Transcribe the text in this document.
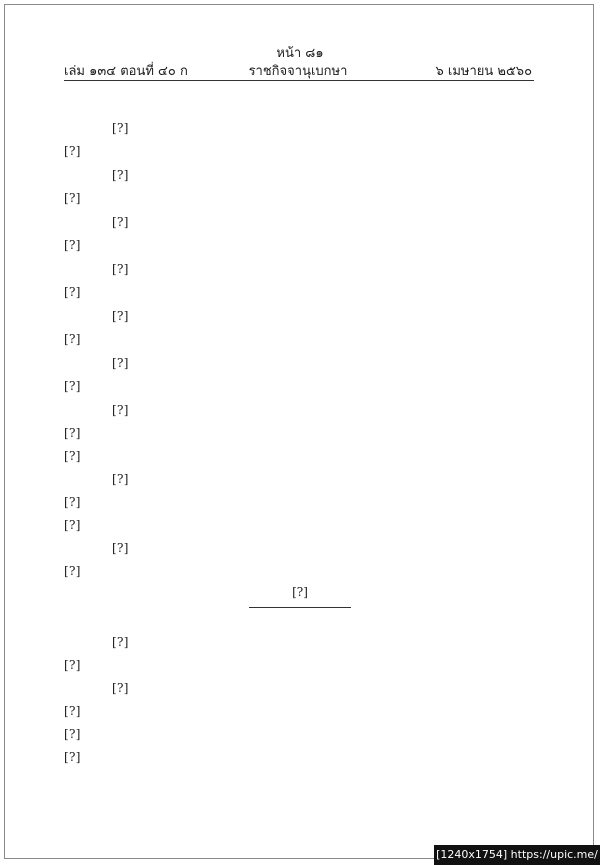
หน้า ๘๑
เล่ม ๑๓๔ ตอนที่ ๔๐ ก	ราชกิจจานุเบกษา	๖ เมษายน ๒๕๖๐
[?]
[?]
[?]
[?]
[?]
[?]
[?]
[?]
[?]
[?]
[?]
[?]
[?]
[?]
[?]
[?]
[?]
[?]
[?]
[?]
[?]
[?]
[?]
[?]
[?]
[?]
[?]
[1240x1754] https://upic.me/
